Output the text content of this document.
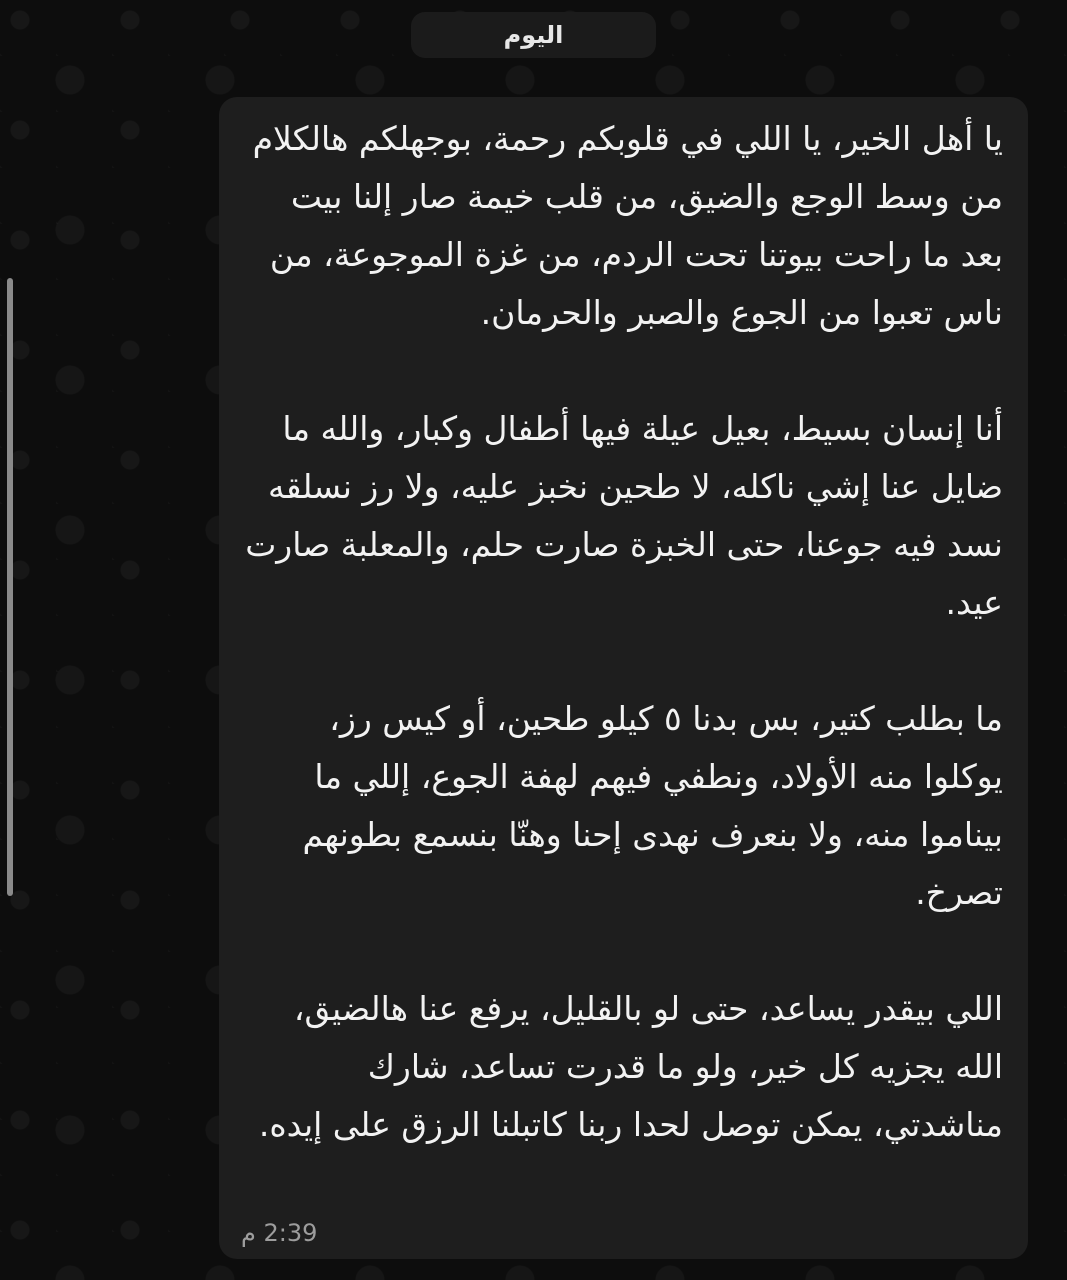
اليوم

يا أهل الخير، يا اللي في قلوبكم رحمة، بوجهلكم هالكلام من وسط الوجع والضيق، من قلب خيمة صار إلنا بيت بعد ما راحت بيوتنا تحت الردم، من غزة الموجوعة، من ناس تعبوا من الجوع والصبر والحرمان.

أنا إنسان بسيط، بعيل عيلة فيها أطفال وكبار، والله ما ضايل عنا إشي ناكله، لا طحين نخبز عليه، ولا رز نسلقه نسد فيه جوعنا، حتى الخبزة صارت حلم، والمعلبة صارت عيد.

ما بطلب كتير، بس بدنا ٥ كيلو طحين، أو كيس رز، يوكلوا منه الأولاد، ونطفي فيهم لهفة الجوع، إللي ما بيناموا منه، ولا بنعرف نهدى إحنا وهنّا بنسمع بطونهم تصرخ.

اللي بيقدر يساعد، حتى لو بالقليل، يرفع عنا هالضيق، الله يجزيه كل خير، ولو ما قدرت تساعد، شارك مناشدتي، يمكن توصل لحدا ربنا كاتبلنا الرزق على إيده.

2:39 م
